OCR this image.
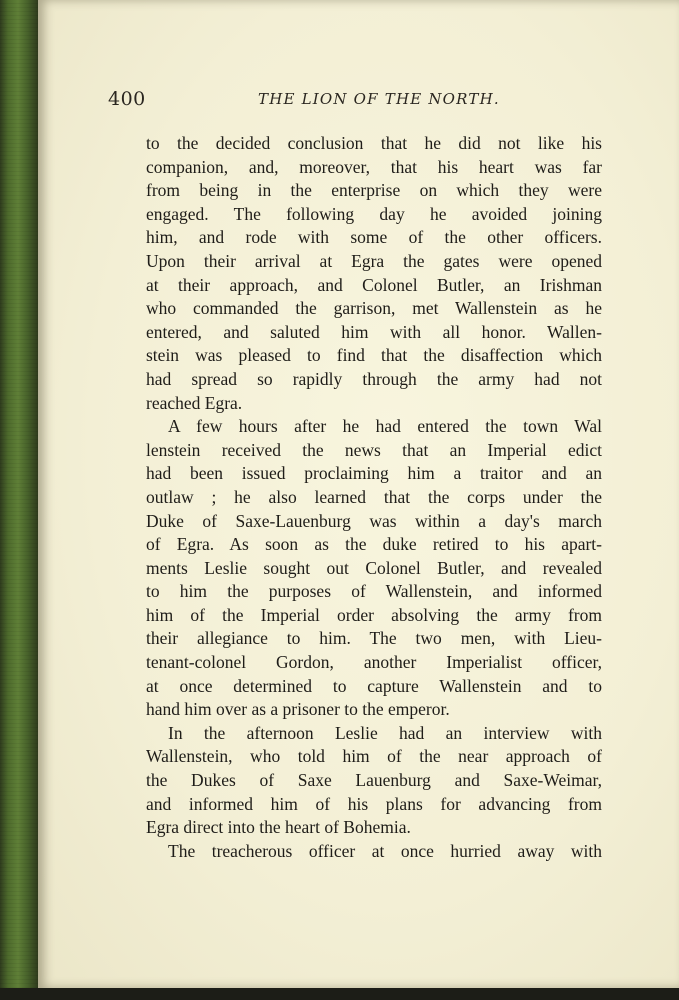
400	THE LION OF THE NORTH.
to the decided conclusion that he did not like his
companion, and, moreover, that his heart was far
from being in the enterprise on which they were
engaged. The following day he avoided joining
him, and rode with some of the other officers.
Upon their arrival at Egra the gates were opened
at their approach, and Colonel Butler, an Irishman
who commanded the garrison, met Wallenstein as he
entered, and saluted him with all honor. Wallen-
stein was pleased to find that the disaffection which
had spread so rapidly through the army had not
reached Egra.
A few hours after he had entered the town Wal
lenstein received the news that an Imperial edict
had been issued proclaiming him a traitor and an
outlaw ; he also learned that the corps under the
Duke of Saxe-Lauenburg was within a day's march
of Egra. As soon as the duke retired to his apart-
ments Leslie sought out Colonel Butler, and revealed
to him the purposes of Wallenstein, and informed
him of the Imperial order absolving the army from
their allegiance to him. The two men, with Lieu-
tenant-colonel Gordon, another Imperialist officer,
at once determined to capture Wallenstein and to
hand him over as a prisoner to the emperor.
In the afternoon Leslie had an interview with
Wallenstein, who told him of the near approach of
the Dukes of Saxe Lauenburg and Saxe-Weimar,
and informed him of his plans for advancing from
Egra direct into the heart of Bohemia.
The treacherous officer at once hurried away with
